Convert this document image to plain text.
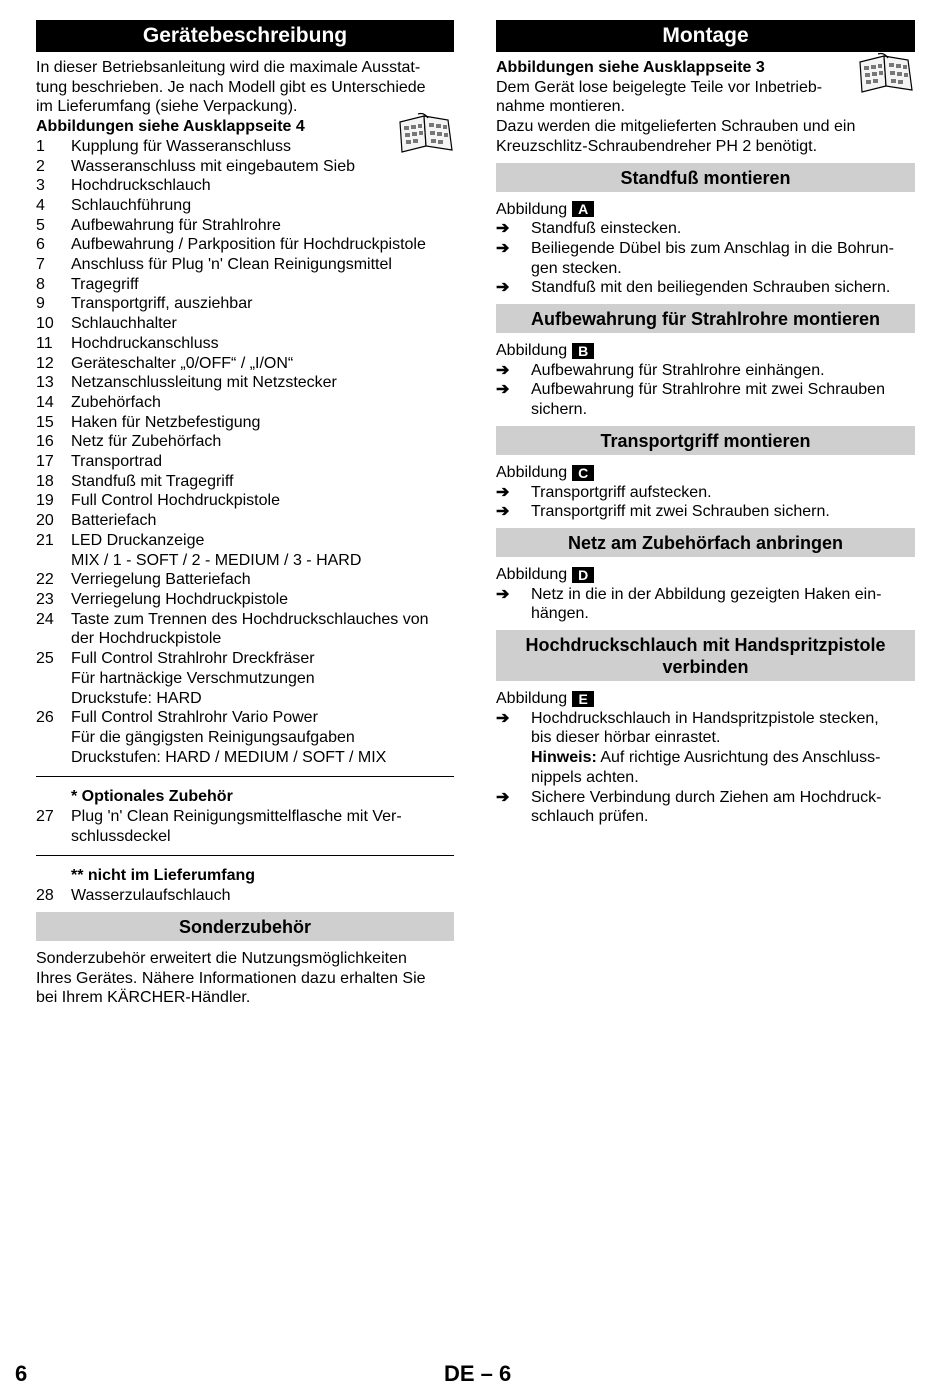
Gerätebeschreibung
In dieser Betriebsanleitung wird die maximale Ausstat-
tung beschrieben. Je nach Modell gibt es Unterschiede
im Lieferumfang (siehe Verpackung).
Abbildungen siehe Ausklappseite 4
1	Kupplung für Wasseranschluss
2	Wasseranschluss mit eingebautem Sieb
3	Hochdruckschlauch
4	Schlauchführung
5	Aufbewahrung für Strahlrohre
6	Aufbewahrung / Parkposition für Hochdruckpistole
7	Anschluss für Plug 'n' Clean Reinigungsmittel
8	Tragegriff
9	Transportgriff, ausziehbar
10	Schlauchhalter
11	Hochdruckanschluss
12	Geräteschalter „0/OFF“ / „I/ON“
13	Netzanschlussleitung mit Netzstecker
14	Zubehörfach
15	Haken für Netzbefestigung
16	Netz für Zubehörfach
17	Transportrad
18	Standfuß mit Tragegriff
19	Full Control Hochdruckpistole
20	Batteriefach
21	LED Druckanzeige
MIX / 1 - SOFT / 2 - MEDIUM / 3 - HARD
22	Verriegelung Batteriefach
23	Verriegelung Hochdruckpistole
24	Taste zum Trennen des Hochdruckschlauches von
der Hochdruckpistole
25	Full Control Strahlrohr Dreckfräser
Für hartnäckige Verschmutzungen
Druckstufe: HARD
26	Full Control Strahlrohr Vario Power
Für die gängigsten Reinigungsaufgaben
Druckstufen: HARD / MEDIUM / SOFT / MIX
* Optionales Zubehör
27	Plug 'n' Clean Reinigungsmittelflasche mit Ver-
schlussdeckel
** nicht im Lieferumfang
28	Wasserzulaufschlauch
Sonderzubehör
Sonderzubehör erweitert die Nutzungsmöglichkeiten
Ihres Gerätes. Nähere Informationen dazu erhalten Sie
bei Ihrem KÄRCHER-Händler.
Montage
Abbildungen siehe Ausklappseite 3
Dem Gerät lose beigelegte Teile vor Inbetrieb-
nahme montieren.
Dazu werden die mitgelieferten Schrauben und ein
Kreuzschlitz-Schraubendreher PH 2 benötigt.
Standfuß montieren
Abbildung A
➔	Standfuß einstecken.
➔	Beiliegende Dübel bis zum Anschlag in die Bohrun-
gen stecken.
➔	Standfuß mit den beiliegenden Schrauben sichern.
Aufbewahrung für Strahlrohre montieren
Abbildung B
➔	Aufbewahrung für Strahlrohre einhängen.
➔	Aufbewahrung für Strahlrohre mit zwei Schrauben
sichern.
Transportgriff montieren
Abbildung C
➔	Transportgriff aufstecken.
➔	Transportgriff mit zwei Schrauben sichern.
Netz am Zubehörfach anbringen
Abbildung D
➔	Netz in die in der Abbildung gezeigten Haken ein-
hängen.
Hochdruckschlauch mit Handspritzpistole
verbinden
Abbildung E
➔	Hochdruckschlauch in Handspritzpistole stecken,
bis dieser hörbar einrastet.
Hinweis: Auf richtige Ausrichtung des Anschluss-
nippels achten.
➔	Sichere Verbindung durch Ziehen am Hochdruck-
schlauch prüfen.
6	DE – 6
